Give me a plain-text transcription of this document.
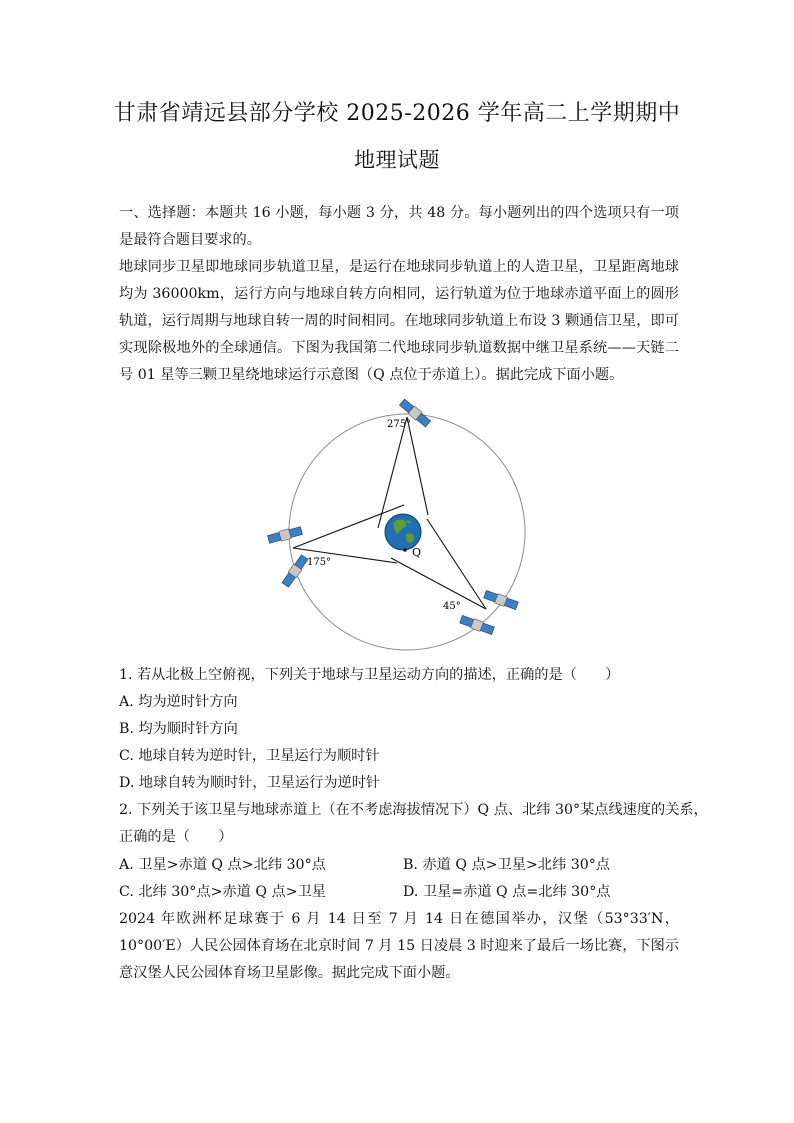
甘肃省靖远县部分学校 2025-2026 学年高二上学期期中
地理试题
一、选择题：本题共 16 小题，每小题 3 分，共 48 分。每小题列出的四个选项只有一项是最符合题目要求的。
地球同步卫星即地球同步轨道卫星，是运行在地球同步轨道上的人造卫星，卫星距离地球均为 36000km，运行方向与地球自转方向相同，运行轨道为位于地球赤道平面上的圆形轨道，运行周期与地球自转一周的时间相同。在地球同步轨道上布设 3 颗通信卫星，即可实现除极地外的全球通信。下图为我国第二代地球同步轨道数据中继卫星系统——天链二号 01 星等三颗卫星绕地球运行示意图（Q 点位于赤道上）。据此完成下面小题。
Q
275°
175°
45°
1. 若从北极上空俯视，下列关于地球与卫星运动方向的描述，正确的是（　　）
A. 均为逆时针方向
B. 均为顺时针方向
C. 地球自转为逆时针，卫星运行为顺时针
D. 地球自转为顺时针，卫星运行为逆时针
2. 下列关于该卫星与地球赤道上（在不考虑海拔情况下）Q 点、北纬 30°某点线速度的关系，
正确的是（　　）
A. 卫星>赤道 Q 点>北纬 30°点	B. 赤道 Q 点>卫星>北纬 30°点
C. 北纬 30°点>赤道 Q 点>卫星	D. 卫星=赤道 Q 点=北纬 30°点
2024 年欧洲杯足球赛于 6 月 14 日至 7 月 14 日在德国举办，汉堡（53°33′N，10°00′E）人民公园体育场在北京时间 7 月 15 日凌晨 3 时迎来了最后一场比赛，下图示意汉堡人民公园体育场卫星影像。据此完成下面小题。
